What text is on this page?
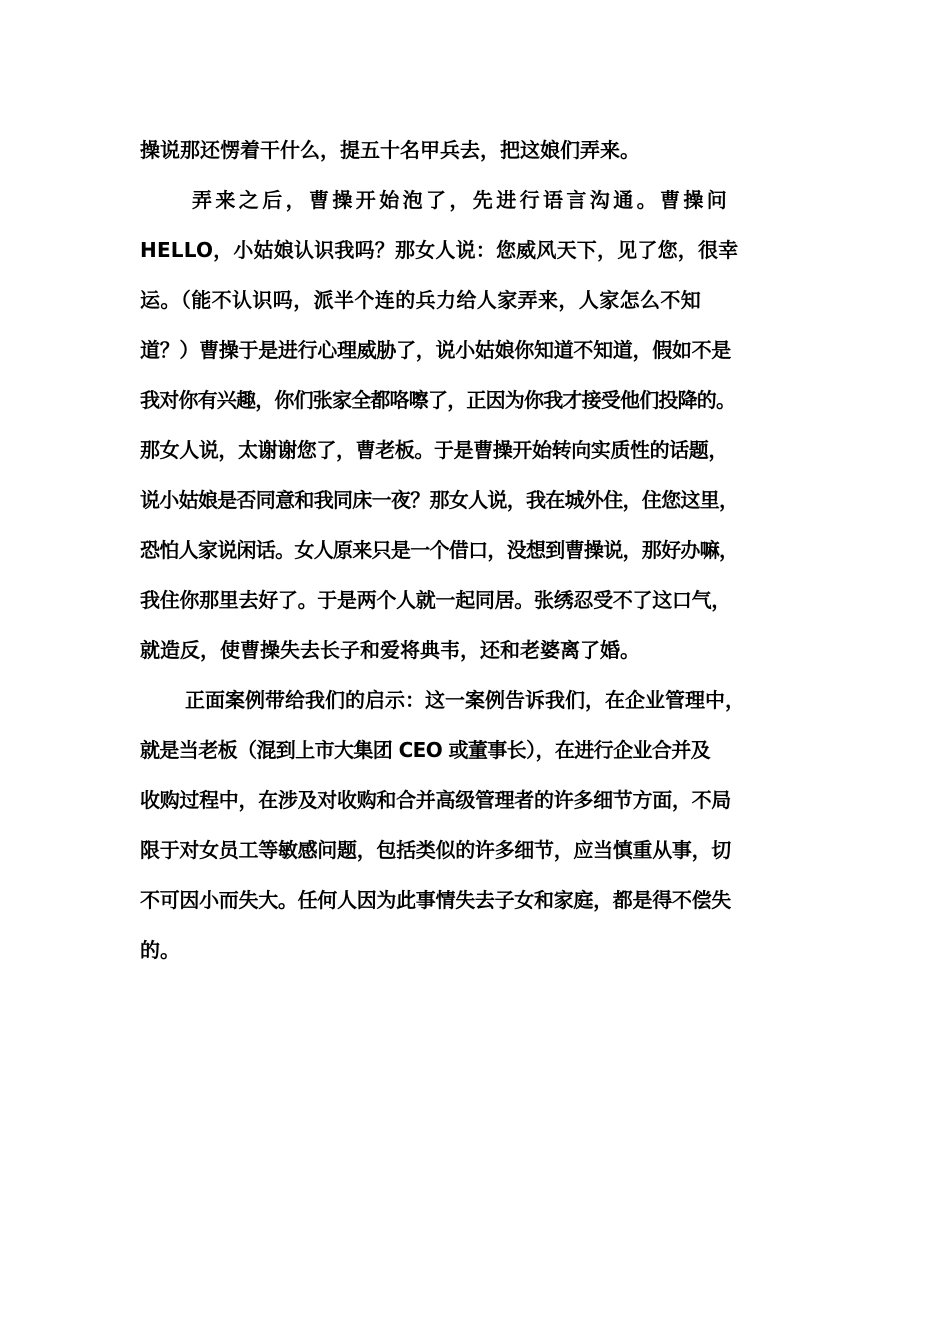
操说那还愣着干什么，提五十名甲兵去，把这娘们弄来。
弄来之后，曹操开始泡了，先进行语言沟通。曹操问
HELLO，小姑娘认识我吗？那女人说：您威风天下，见了您，很幸
运。（能不认识吗，派半个连的兵力给人家弄来，人家怎么不知
道？）曹操于是进行心理威胁了，说小姑娘你知道不知道，假如不是
我对你有兴趣，你们张家全都咯嚓了，正因为你我才接受他们投降的。
那女人说，太谢谢您了，曹老板。于是曹操开始转向实质性的话题，
说小姑娘是否同意和我同床一夜？那女人说，我在城外住，住您这里，
恐怕人家说闲话。女人原来只是一个借口，没想到曹操说，那好办嘛，
我住你那里去好了。于是两个人就一起同居。张绣忍受不了这口气，
就造反，使曹操失去长子和爱将典韦，还和老婆离了婚。
正面案例带给我们的启示：这一案例告诉我们，在企业管理中，
就是当老板（混到上市大集团 CEO 或董事长），在进行企业合并及
收购过程中，在涉及对收购和合并高级管理者的许多细节方面，不局
限于对女员工等敏感问题，包括类似的许多细节，应当慎重从事，切
不可因小而失大。任何人因为此事情失去子女和家庭，都是得不偿失
的。
